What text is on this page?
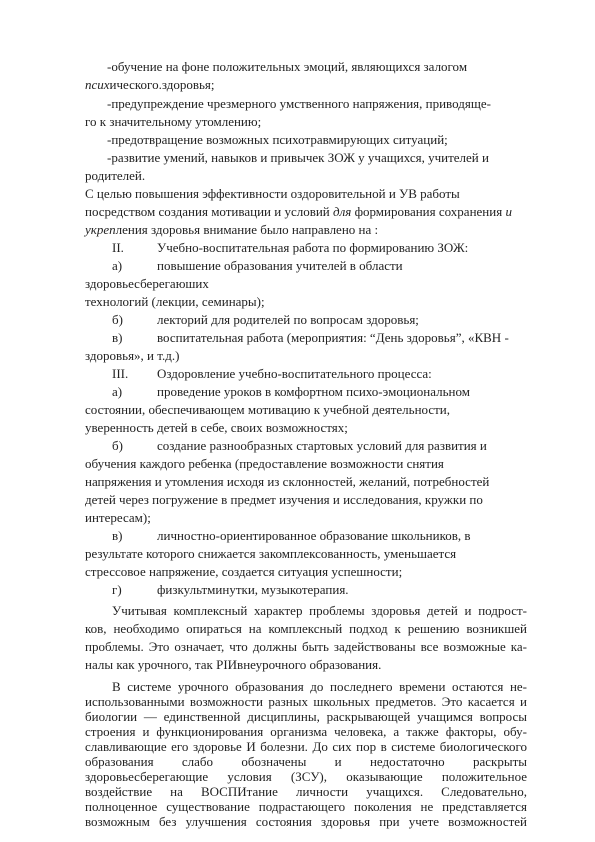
-обучение на фоне положительных эмоций, являющихся залогом
психического.здоровья;
-предупреждение чрезмерного умственного напряжения, приводяще-
го к значительному утомлению;
-предотвращение возможных психотравмирующих ситуаций;
-развитие умений, навыков и привычек ЗОЖ у учащихся, учителей и
родителей.
С целью повышения эффективности оздоровительной и УВ работы
посредством создания мотивации и условий для формирования сохранения и
укрепления здоровья внимание было направлено на :
II.	Учебно-воспитательная работа по формированию ЗОЖ:
а)	повышение образования учителей в области
здоровьесберегаюших
технологий (лекции, семинары);
б)	лекторий для родителей по вопросам здоровья;
в)	воспитательная работа (мероприятия: “День здоровья”, «КВН -
здоровья», и т.д.)
III. Оздоровление учебно-воспитательного процесса:
а)	проведение уроков в комфортном психо-эмоциональном
состоянии, обеспечивающем мотивацию к учебной деятельности,
уверенность детей в себе, своих возможностях;
б)	создание разнообразных стартовых условий для развития и
обучения каждого ребенка (предоставление возможности снятия
напряжения и утомления исходя из склонностей, желаний, потребностей
детей через погружение в предмет изучения и исследования, кружки по
интересам);
в)	личностно-ориентированное образование школьников, в
результате которого снижается закомплексованность, уменьшается
стрессовое напряжение, создается ситуация успешности;
г)	физкультминутки, музыкотерапия.
Учитывая комплексный характер проблемы здоровья детей и подрост-
ков, необходимо опираться на комплексный подход к решению возникшей
проблемы. Это означает, что должны быть задействованы все возможные ка-
налы как урочного, так PIИвнеурочного образования.
В системе урочного образования до последнего времени остаются не-
использованными возможности разных школьных предметов. Это касается и
биологии — единственной дисциплины, раскрывающей учащимся вопросы
строения и функционирования организма человека, а также факторы, обу-
славливающие его здоровье И болезни. До сих пор в системе биологического
образования слабо обозначены и недостаточно раскрыты
здоровьесберегающие условия (ЗСУ), оказывающие положительное
воздействие на ВОСПИтание личности учащихся. Следовательно,
полноценное существование подрастающего поколения не представляется
возможным без улучшения состояния здоровья при учете возможностей
